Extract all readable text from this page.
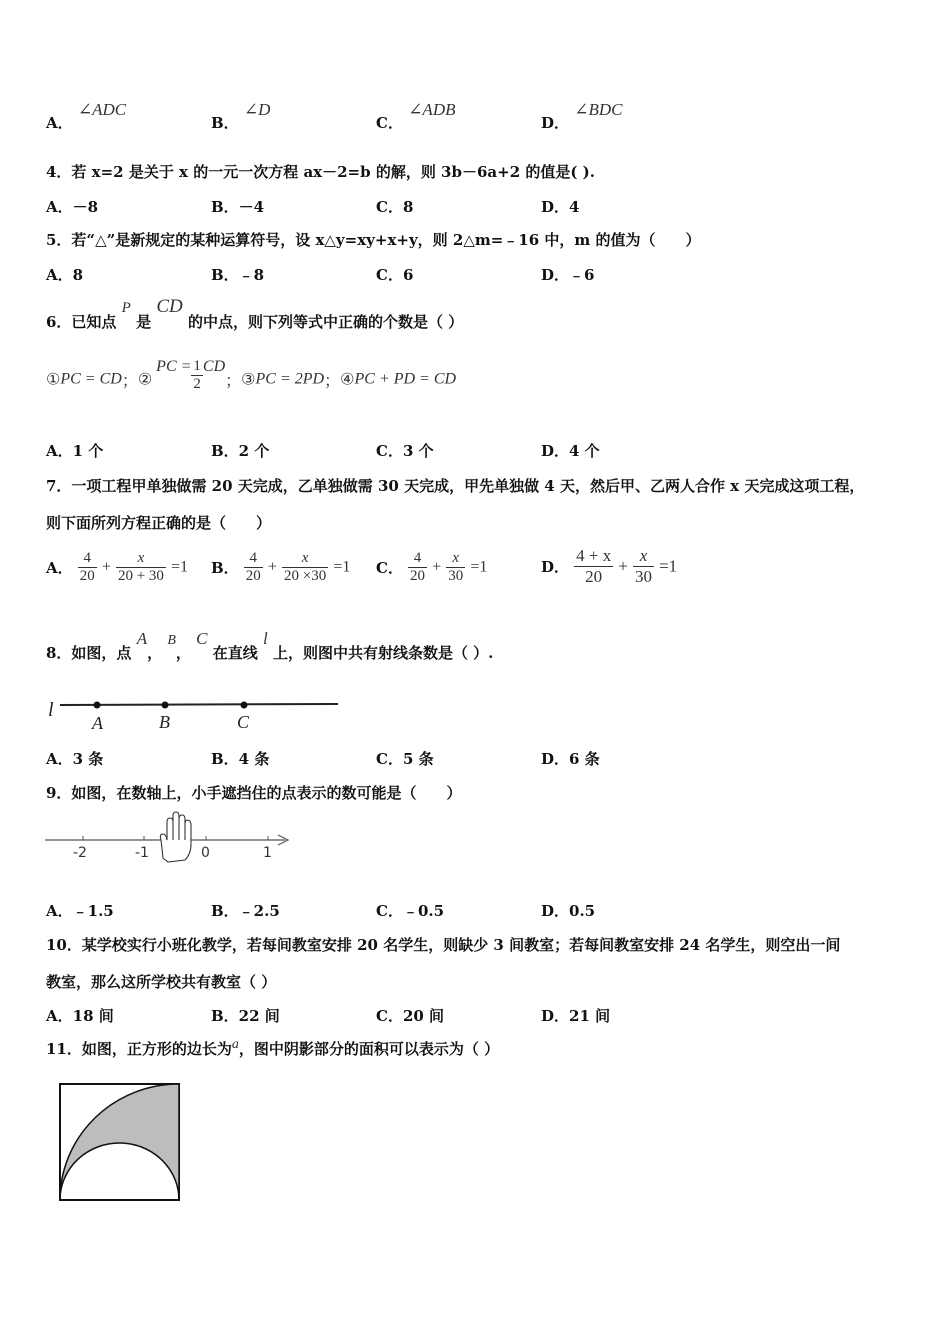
A． ∠ADC
B． ∠D
C． ∠ADB
D． ∠BDC
4．若 x=2 是关于 x 的一元一次方程 ax－2=b 的解，则 3b－6a+2 的值是( ).
A．－8	B．－4	C．8	D．4
5．若“△”是新规定的某种运算符号，设 x△y=xy+x+y，则 2△m=﹣16 中，m 的值为（　　）
A．8	B．﹣8	C．6	D．﹣6
6．已知点 P 是 CD 的中点，则下列等式中正确的个数是（ ）
①PC = CD；② PC = $\frac{1}{2}$ CD；③PC = 2PD；④PC + PD = CD
A．1 个	B．2 个	C．3 个	D．4 个
7．一项工程甲单独做需 20 天完成，乙单独做需 30 天完成，甲先单独做 4 天，然后甲、乙两人合作 x 天完成这项工程，
则下面所列方程正确的是（　　）
A． $\frac{4}{20} + \frac{x}{20 + 30} =1$ B． $\frac{4}{20} + \frac{x}{20 \times 30} =1$ C． $\frac{4}{20} + \frac{x}{30} =1$	D． $\frac{4 + x}{20} + \frac{x}{30} =1$
8．如图，点 A， B， C 在直线 l 上，则图中共有射线条数是（ ）.
l
A	B	C
A．3 条	B．4 条	C．5 条	D．6 条
9．如图，在数轴上，小手遮挡住的点表示的数可能是（　　）
-2	-1	0	1
A．﹣1.5	B．﹣2.5	C．﹣0.5	D．0.5
10．某学校实行小班化教学，若每间教室安排 20 名学生，则缺少 3 间教室；若每间教室安排 24 名学生，则空出一间
教室，那么这所学校共有教室（ ）
A．18 间	B．22 间	C．20 间	D．21 间
11．如图，正方形的边长为a，图中阴影部分的面积可以表示为（ ）
